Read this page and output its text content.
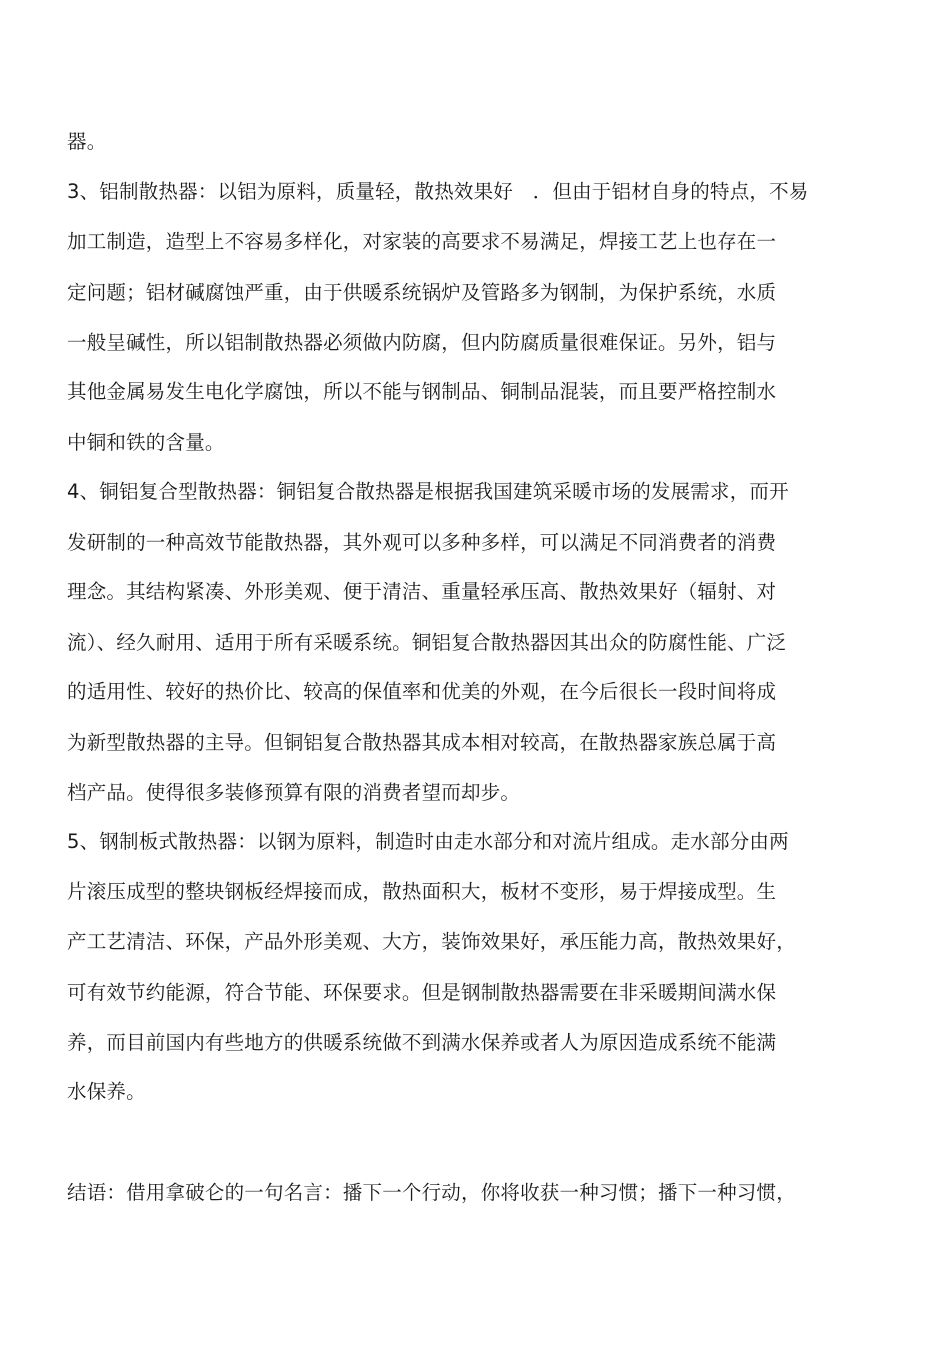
器。
3、铝制散热器：以铝为原料，质量轻，散热效果好　．但由于铝材自身的特点，不易
加工制造，造型上不容易多样化，对家装的高要求不易满足，焊接工艺上也存在一
定问题；铝材碱腐蚀严重，由于供暖系统锅炉及管路多为钢制，为保护系统，水质
一般呈碱性，所以铝制散热器必须做内防腐，但内防腐质量很难保证。另外，铝与
其他金属易发生电化学腐蚀，所以不能与钢制品、铜制品混装，而且要严格控制水
中铜和铁的含量。
4、铜铝复合型散热器：铜铝复合散热器是根据我国建筑采暖市场的发展需求，而开
发研制的一种高效节能散热器，其外观可以多种多样，可以满足不同消费者的消费
理念。其结构紧凑、外形美观、便于清洁、重量轻承压高、散热效果好（辐射、对
流）、经久耐用、适用于所有采暖系统。铜铝复合散热器因其出众的防腐性能、广泛
的适用性、较好的热价比、较高的保值率和优美的外观，在今后很长一段时间将成
为新型散热器的主导。但铜铝复合散热器其成本相对较高，在散热器家族总属于高
档产品。使得很多装修预算有限的消费者望而却步。
5、钢制板式散热器：以钢为原料，制造时由走水部分和对流片组成。走水部分由两
片滚压成型的整块钢板经焊接而成，散热面积大，板材不变形，易于焊接成型。生
产工艺清洁、环保，产品外形美观、大方，装饰效果好，承压能力高，散热效果好，
可有效节约能源，符合节能、环保要求。但是钢制散热器需要在非采暖期间满水保
养，而目前国内有些地方的供暖系统做不到满水保养或者人为原因造成系统不能满
水保养。
结语：借用拿破仑的一句名言：播下一个行动，你将收获一种习惯；播下一种习惯，
